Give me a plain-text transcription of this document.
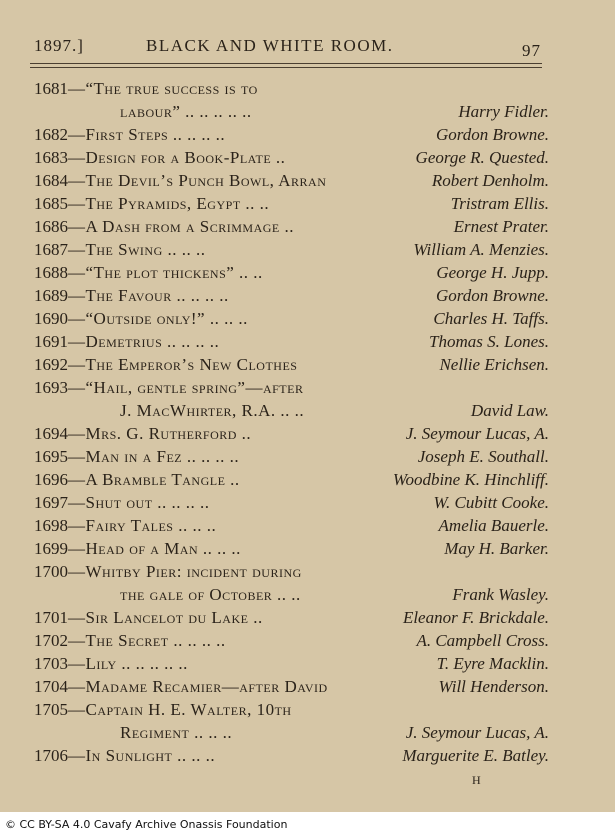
1897.]	BLACK AND WHITE ROOM.	97
1681—“The true success is to
labour” .. .. .. .. ..	Harry Fidler.
1682—First Steps .. .. .. ..	Gordon Browne.
1683—Design for a Book-Plate ..	George R. Quested.
1684—The Devil’s Punch Bowl, Arran	Robert Denholm.
1685—The Pyramids, Egypt .. ..	Tristram Ellis.
1686—A Dash from a Scrimmage ..	Ernest Prater.
1687—The Swing .. .. ..	William A. Menzies.
1688—“The plot thickens” .. ..	George H. Jupp.
1689—The Favour .. .. .. ..	Gordon Browne.
1690—“Outside only!” .. .. ..	Charles H. Taffs.
1691—Demetrius .. .. .. ..	Thomas S. Lones.
1692—The Emperor’s New Clothes	Nellie Erichsen.
1693—“Hail, gentle spring”—after
J. MacWhirter, R.A. .. ..	David Law.
1694—Mrs. G. Rutherford ..	J. Seymour Lucas, A.
1695—Man in a Fez .. .. .. ..	Joseph E. Southall.
1696—A Bramble Tangle ..	Woodbine K. Hinchliff.
1697—Shut out .. .. .. ..	W. Cubitt Cooke.
1698—Fairy Tales .. .. ..	Amelia Bauerle.
1699—Head of a Man .. .. ..	May H. Barker.
1700—Whitby Pier: incident during
the gale of October .. ..	Frank Wasley.
1701—Sir Lancelot du Lake ..	Eleanor F. Brickdale.
1702—The Secret .. .. .. ..	A. Campbell Cross.
1703—Lily .. .. .. .. ..	T. Eyre Macklin.
1704—Madame Recamier—after David	Will Henderson.
1705—Captain H. E. Walter, 10th
Regiment .. .. ..	J. Seymour Lucas, A.
1706—In Sunlight .. .. ..	Marguerite E. Batley.
H
© CC BY-SA 4.0 Cavafy Archive Onassis Foundation
